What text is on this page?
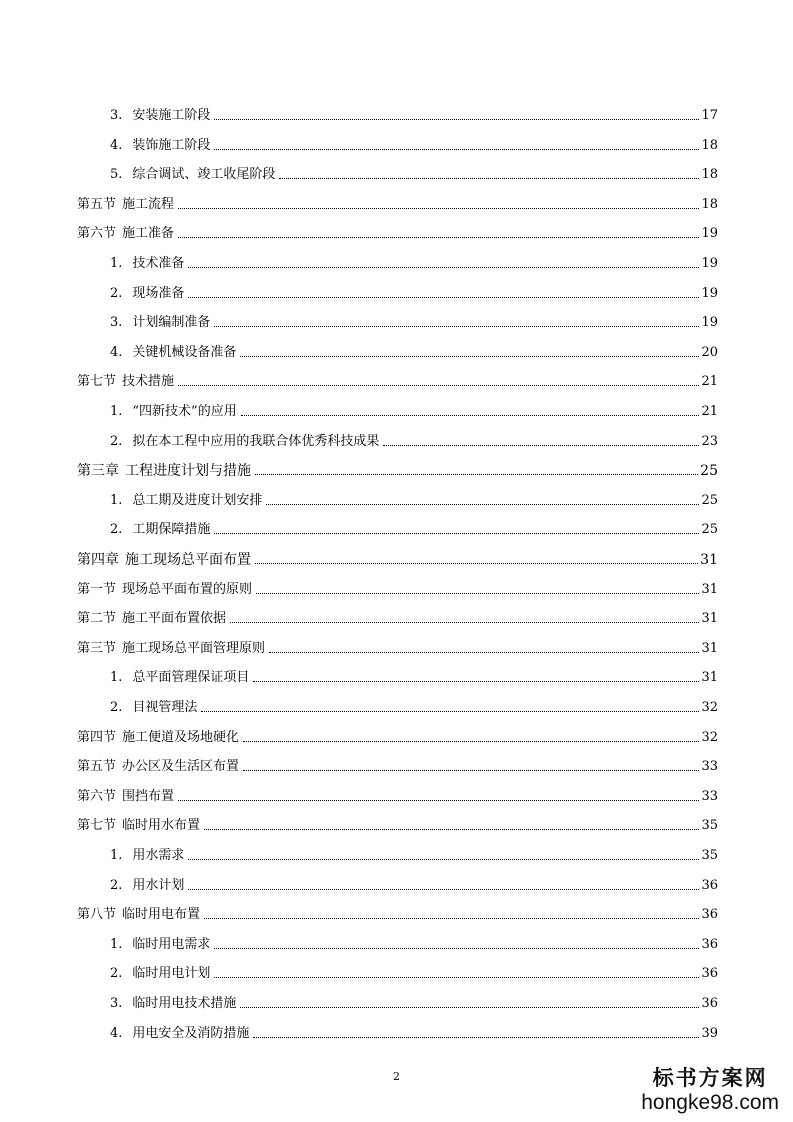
3. 安装施工阶段	17
4. 装饰施工阶段	18
5. 综合调试、竣工收尾阶段	18
第五节 施工流程	18
第六节 施工准备	19
1. 技术准备	19
2. 现场准备	19
3. 计划编制准备	19
4. 关键机械设备准备	20
第七节 技术措施	21
1. “四新技术”的应用	21
2. 拟在本工程中应用的我联合体优秀科技成果	23
第三章 工程进度计划与措施	25
1. 总工期及进度计划安排	25
2. 工期保障措施	25
第四章 施工现场总平面布置	31
第一节 现场总平面布置的原则	31
第二节 施工平面布置依据	31
第三节 施工现场总平面管理原则	31
1. 总平面管理保证项目	31
2. 目视管理法	32
第四节 施工便道及场地硬化	32
第五节 办公区及生活区布置	33
第六节 围挡布置	33
第七节 临时用水布置	35
1. 用水需求	35
2. 用水计划	36
第八节 临时用电布置	36
1. 临时用电需求	36
2. 临时用电计划	36
3. 临时用电技术措施	36
4. 用电安全及消防措施	39
2	标书方案网
hongke98.com
